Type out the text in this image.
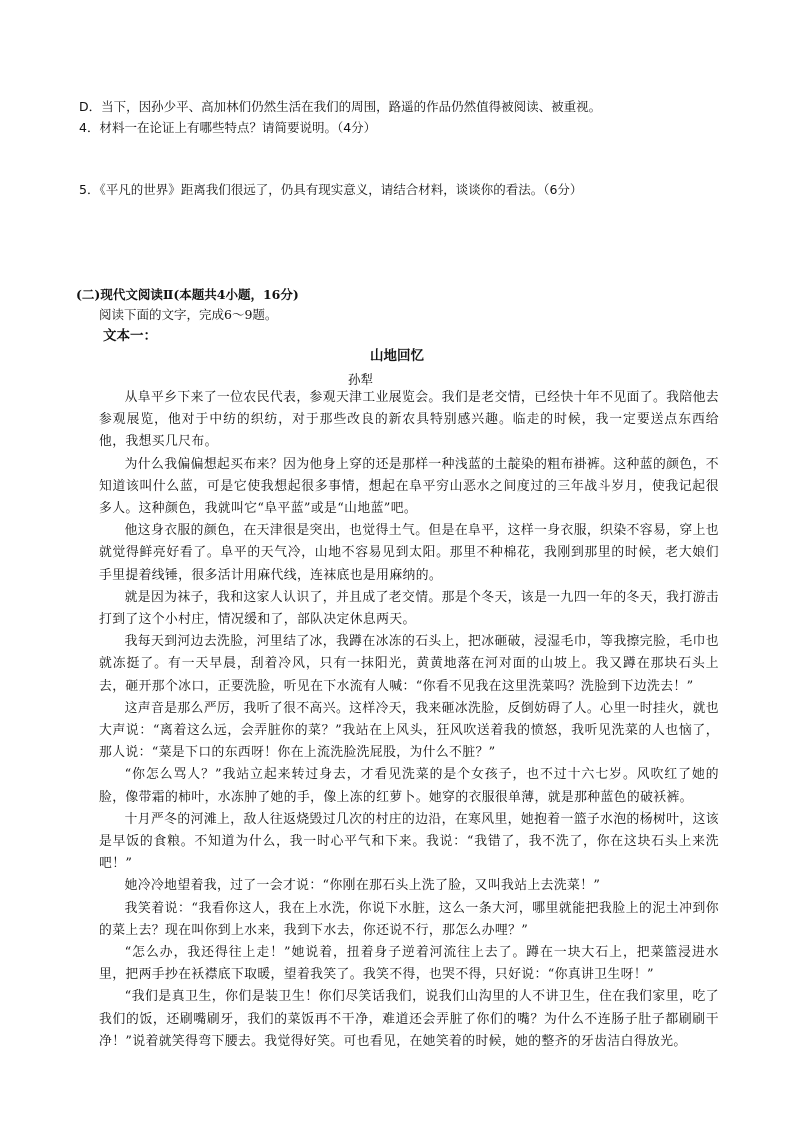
D．当下，因孙少平、高加林们仍然生活在我们的周围，路遥的作品仍然值得被阅读、被重视。
4．材料一在论证上有哪些特点？请简要说明。（4分）
5．《平凡的世界》距离我们很远了，仍具有现实意义，请结合材料，谈谈你的看法。（6分）
(二)现代文阅读Ⅱ(本题共4小题，16分)
阅读下面的文字，完成6～9题。
文本一：
山地回忆
孙犁

从阜平乡下来了一位农民代表，参观天津工业展览会。我们是老交情，已经快十年不见面了。我陪他去参观展览，他对于中纺的织纺，对于那些改良的新农具特别感兴趣。临走的时候，我一定要送点东西给他，我想买几尺布。

为什么我偏偏想起买布来？因为他身上穿的还是那样一种浅蓝的土靛染的粗布褂裤。这种蓝的颜色，不知道该叫什么蓝，可是它使我想起很多事情，想起在阜平穷山恶水之间度过的三年战斗岁月，使我记起很多人。这种颜色，我就叫它“阜平蓝”或是“山地蓝”吧。

他这身衣服的颜色，在天津很是突出，也觉得土气。但是在阜平，这样一身衣服，织染不容易，穿上也就觉得鲜亮好看了。阜平的天气冷，山地不容易见到太阳。那里不种棉花，我刚到那里的时候，老大娘们手里提着线锤，很多活计用麻代线，连袜底也是用麻纳的。

就是因为袜子，我和这家人认识了，并且成了老交情。那是个冬天，该是一九四一年的冬天，我打游击打到了这个小村庄，情况缓和了，部队决定休息两天。

我每天到河边去洗脸，河里结了冰，我蹲在冰冻的石头上，把冰砸破，浸湿毛巾，等我擦完脸，毛巾也就冻挺了。有一天早晨，刮着冷风，只有一抹阳光，黄黄地落在河对面的山坡上。我又蹲在那块石头上去，砸开那个冰口，正要洗脸，听见在下水流有人喊：“你看不见我在这里洗菜吗？洗脸到下边洗去！”

这声音是那么严厉，我听了很不高兴。这样冷天，我来砸冰洗脸，反倒妨碍了人。心里一时挂火，就也大声说：“离着这么远，会弄脏你的菜？”我站在上风头，狂风吹送着我的愤怒，我听见洗菜的人也恼了，那人说：“菜是下口的东西呀！你在上流洗脸洗屁股，为什么不脏？”

“你怎么骂人？”我站立起来转过身去，才看见洗菜的是个女孩子，也不过十六七岁。风吹红了她的脸，像带霜的柿叶，水冻肿了她的手，像上冻的红萝卜。她穿的衣服很单薄，就是那种蓝色的破袄裤。

十月严冬的河滩上，敌人往返烧毁过几次的村庄的边沿，在寒风里，她抱着一篮子水泡的杨树叶，这该是早饭的食粮。不知道为什么，我一时心平气和下来。我说：“我错了，我不洗了，你在这块石头上来洗吧！”

她冷冷地望着我，过了一会才说：“你刚在那石头上洗了脸，又叫我站上去洗菜！”

我笑着说：“我看你这人，我在上水洗，你说下水脏，这么一条大河，哪里就能把我脸上的泥土冲到你的菜上去？现在叫你到上水来，我到下水去，你还说不行，那怎么办哩？”

“怎么办，我还得往上走！”她说着，扭着身子逆着河流往上去了。蹲在一块大石上，把菜篮浸进水里，把两手抄在袄襟底下取暖，望着我笑了。我笑不得，也哭不得，只好说：“你真讲卫生呀！”

“我们是真卫生，你们是装卫生！你们尽笑话我们，说我们山沟里的人不讲卫生，住在我们家里，吃了我们的饭，还刷嘴刷牙，我们的菜饭再不干净，难道还会弄脏了你们的嘴？为什么不连肠子肚子都刷刷干净！”说着就笑得弯下腰去。我觉得好笑。可也看见，在她笑着的时候，她的整齐的牙齿洁白得放光。
